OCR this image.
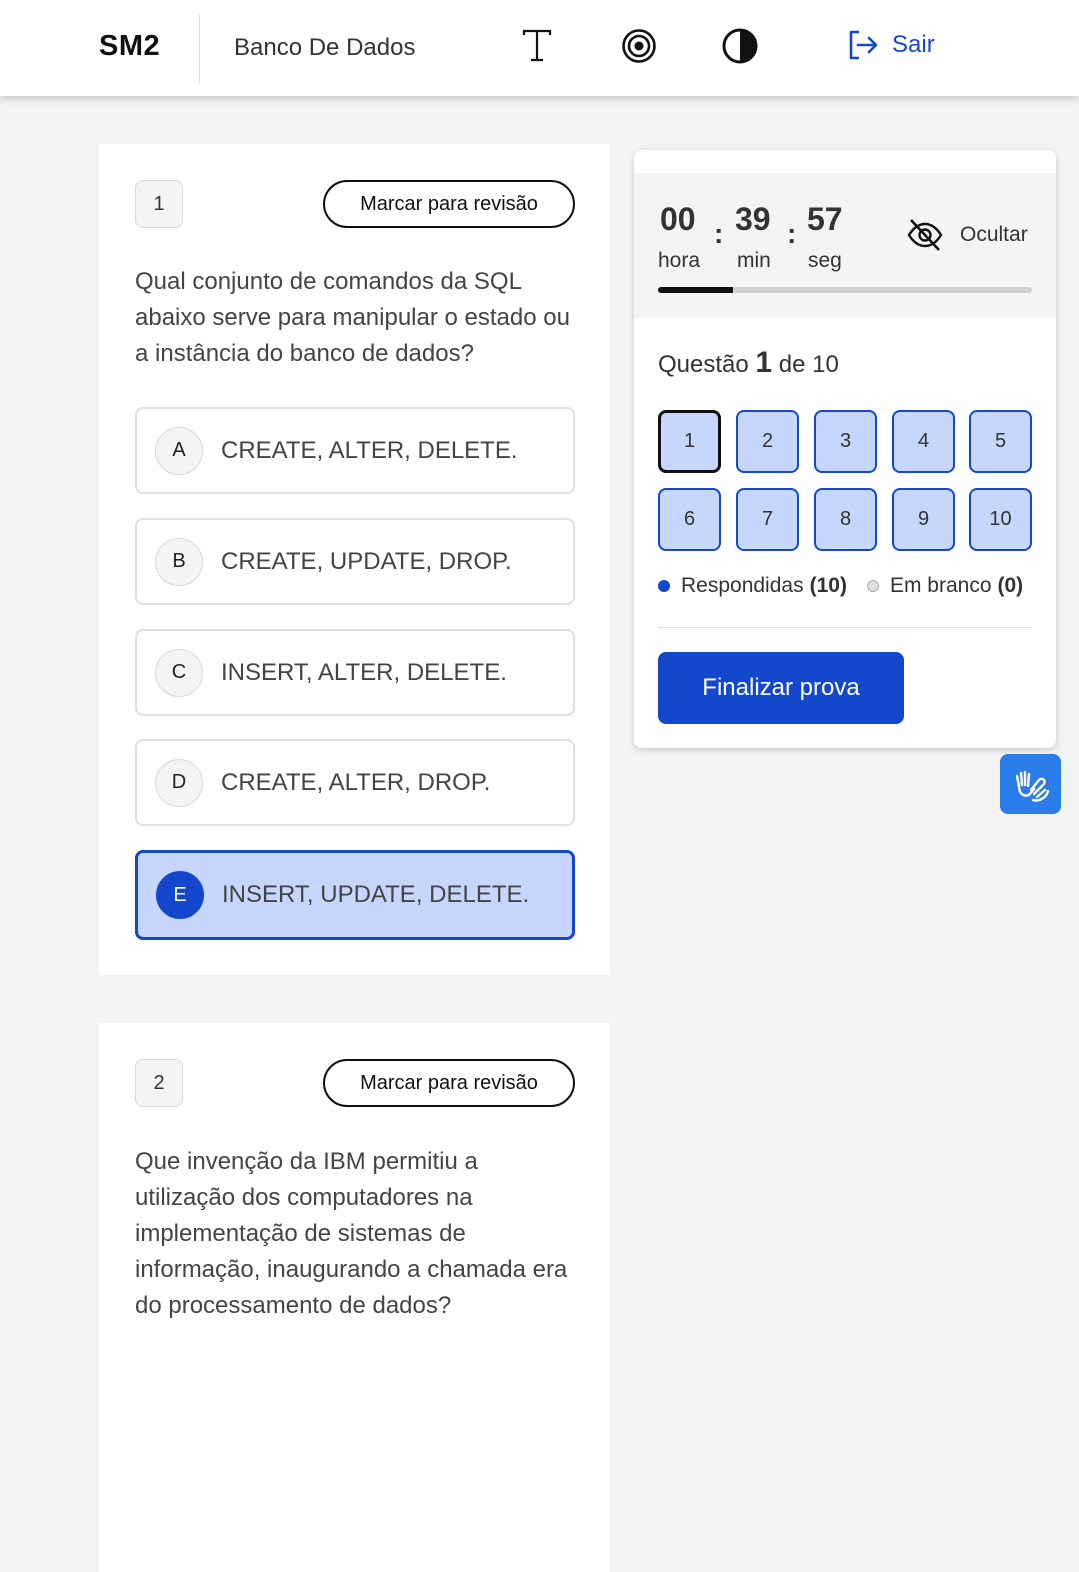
SM2	Banco De Dados	Sair
1	Marcar para revisão
Qual conjunto de comandos da SQL abaixo serve para manipular o estado ou a instância do banco de dados?
A	CREATE, ALTER, DELETE.
B	CREATE, UPDATE, DROP.
C	INSERT, ALTER, DELETE.
D	CREATE, ALTER, DROP.
E	INSERT, UPDATE, DELETE.
2	Marcar para revisão
Que invenção da IBM permitiu a utilização dos computadores na implementação de sistemas de informação, inaugurando a chamada era do processamento de dados?
00
hora
: 39
min
: 57
seg
Ocultar
Questão 1 de 10
1	2	3	4	5
6	7	8	9	10
Respondidas (10) Em branco (0)
Finalizar prova
